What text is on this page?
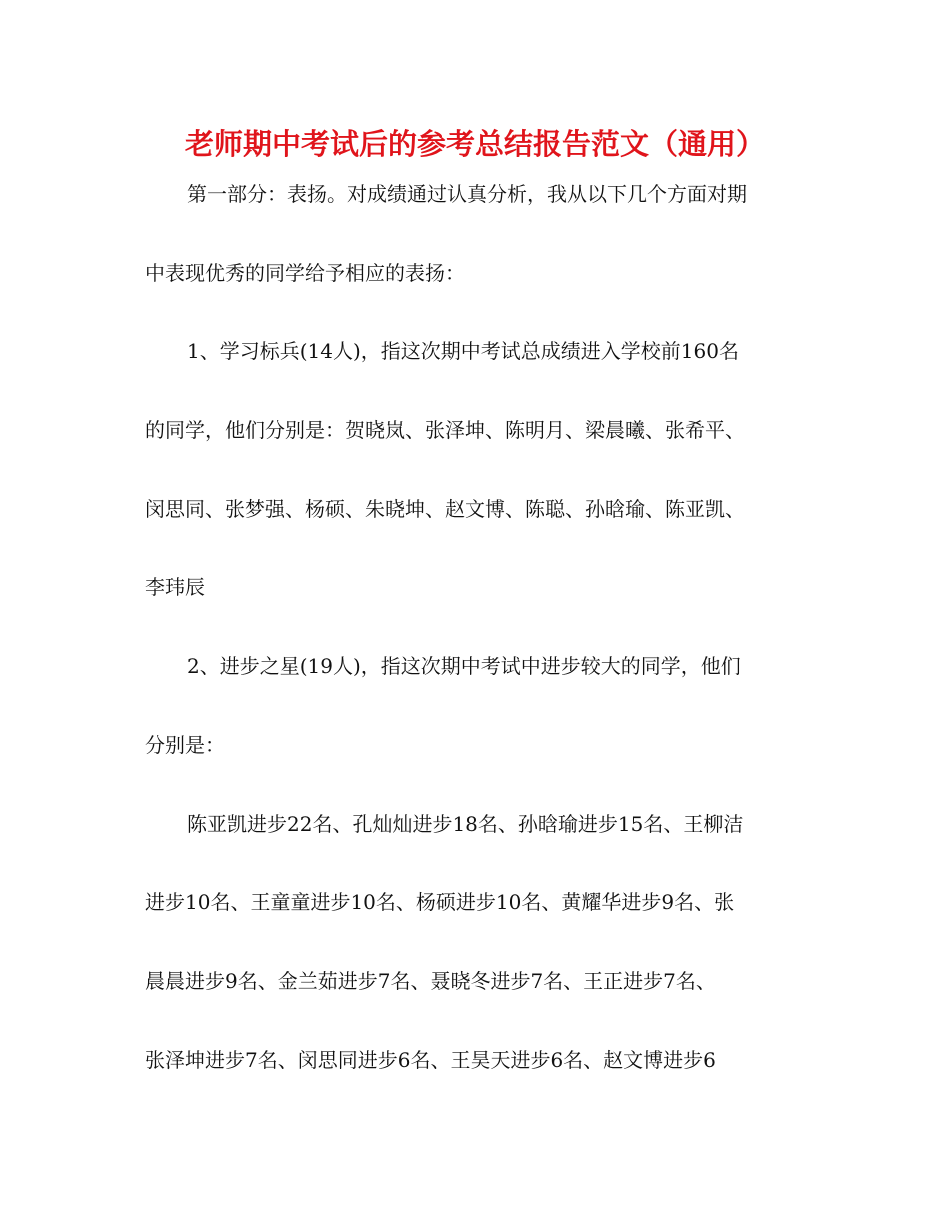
老师期中考试后的参考总结报告范文（通用）

第一部分：表扬。对成绩通过认真分析，我从以下几个方面对期

中表现优秀的同学给予相应的表扬：

1、学习标兵(14人)，指这次期中考试总成绩进入学校前160名

的同学，他们分别是：贺晓岚、张泽坤、陈明月、梁晨曦、张希平、

闵思同、张梦强、杨硕、朱晓坤、赵文博、陈聪、孙晗瑜、陈亚凯、

李玮辰

2、进步之星(19人)，指这次期中考试中进步较大的同学，他们

分别是：

陈亚凯进步22名、孔灿灿进步18名、孙晗瑜进步15名、王柳洁

进步10名、王童童进步10名、杨硕进步10名、黄耀华进步9名、张

晨晨进步9名、金兰茹进步7名、聂晓冬进步7名、王正进步7名、

张泽坤进步7名、闵思同进步6名、王昊天进步6名、赵文博进步6
